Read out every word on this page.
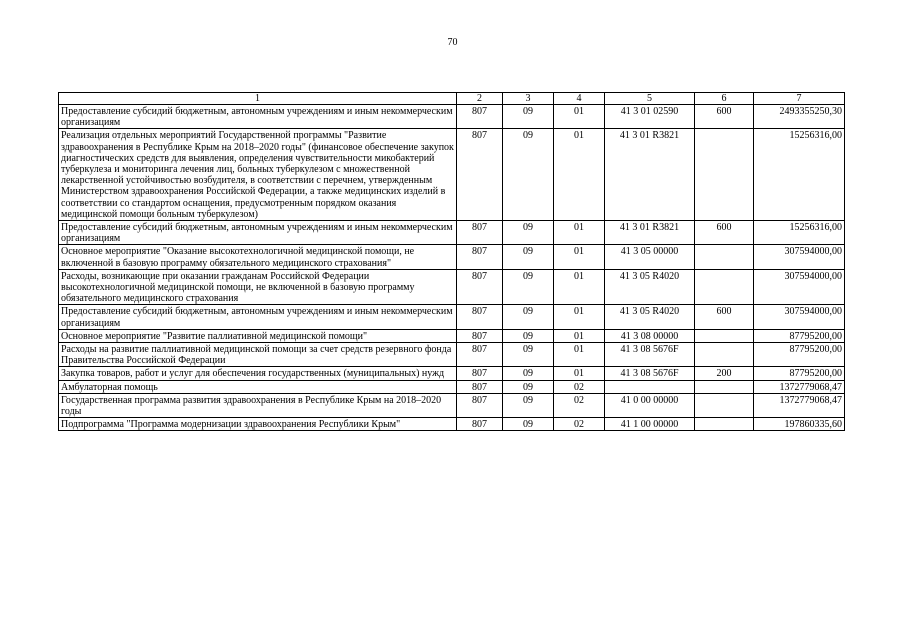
70
1	2	3	4	5	6	7
Предоставление субсидий бюджетным, автономным учреждениям и иным некоммерческим организациям	807	09	01	41 3 01 02590	600	2493355250,30
Реализация отдельных мероприятий Государственной программы "Развитие здравоохранения в Республике Крым на 2018–2020 годы" (финансовое обеспечение закупок диагностических средств для выявления, определения чувствительности микобактерий туберкулеза и мониторинга лечения лиц, больных туберкулезом с множественной лекарственной устойчивостью возбудителя, в соответствии с перечнем, утвержденным Министерством здравоохранения Российской Федерации, а также медицинских изделий в соответствии со стандартом оснащения, предусмотренным порядком оказания медицинской помощи больным туберкулезом)	807	09	01	41 3 01 R3821		15256316,00
Предоставление субсидий бюджетным, автономным учреждениям и иным некоммерческим организациям	807	09	01	41 3 01 R3821	600	15256316,00
Основное мероприятие "Оказание высокотехнологичной медицинской помощи, не включенной в базовую программу обязательного медицинского страхования"	807	09	01	41 3 05 00000		307594000,00
Расходы, возникающие при оказании гражданам Российской Федерации высокотехнологичной медицинской помощи, не включенной в базовую программу обязательного медицинского страхования	807	09	01	41 3 05 R4020		307594000,00
Предоставление субсидий бюджетным, автономным учреждениям и иным некоммерческим организациям	807	09	01	41 3 05 R4020	600	307594000,00
Основное мероприятие "Развитие паллиативной медицинской помощи"	807	09	01	41 3 08 00000		87795200,00
Расходы на развитие паллиативной медицинской помощи за счет средств резервного фонда Правительства Российской Федерации	807	09	01	41 3 08 5676F		87795200,00
Закупка товаров, работ и услуг для обеспечения государственных (муниципальных) нужд	807	09	01	41 3 08 5676F	200	87795200,00
Амбулаторная помощь	807	09	02			1372779068,47
Государственная программа развития здравоохранения в Республике Крым на 2018–2020 годы	807	09	02	41 0 00 00000		1372779068,47
Подпрограмма "Программа модернизации здравоохранения Республики Крым"	807	09	02	41 1 00 00000		197860335,60
